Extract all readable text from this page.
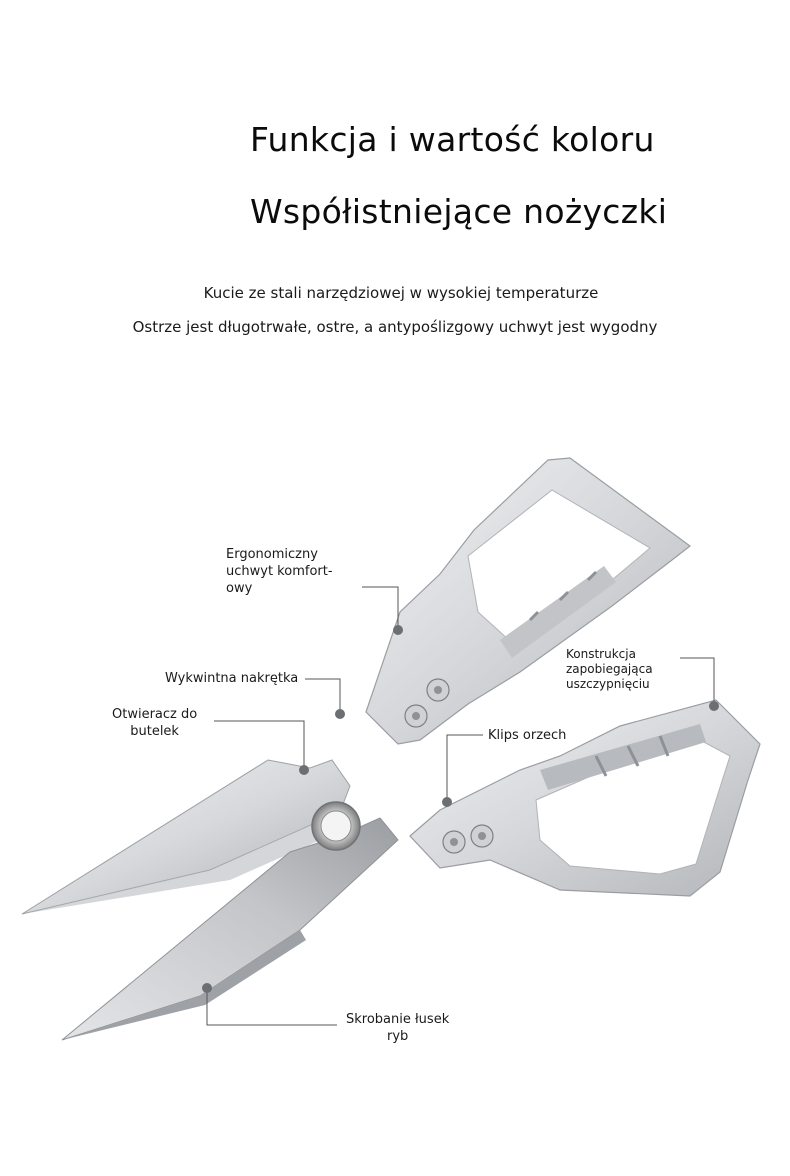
Funkcja i wartość koloru
Współistniejące nożyczki
Kucie ze stali narzędziowej w wysokiej temperaturze
Ostrze jest długotrwałe, ostre, a antypoślizgowy uchwyt jest wygodny
Ergonomiczny
uchwyt komfort-
owy
Wykwintna nakrętka
Otwieracz do
butelek
Konstrukcja
zapobiegająca
uszczypnięciu
Klips orzech
Skrobanie łusek
ryb
